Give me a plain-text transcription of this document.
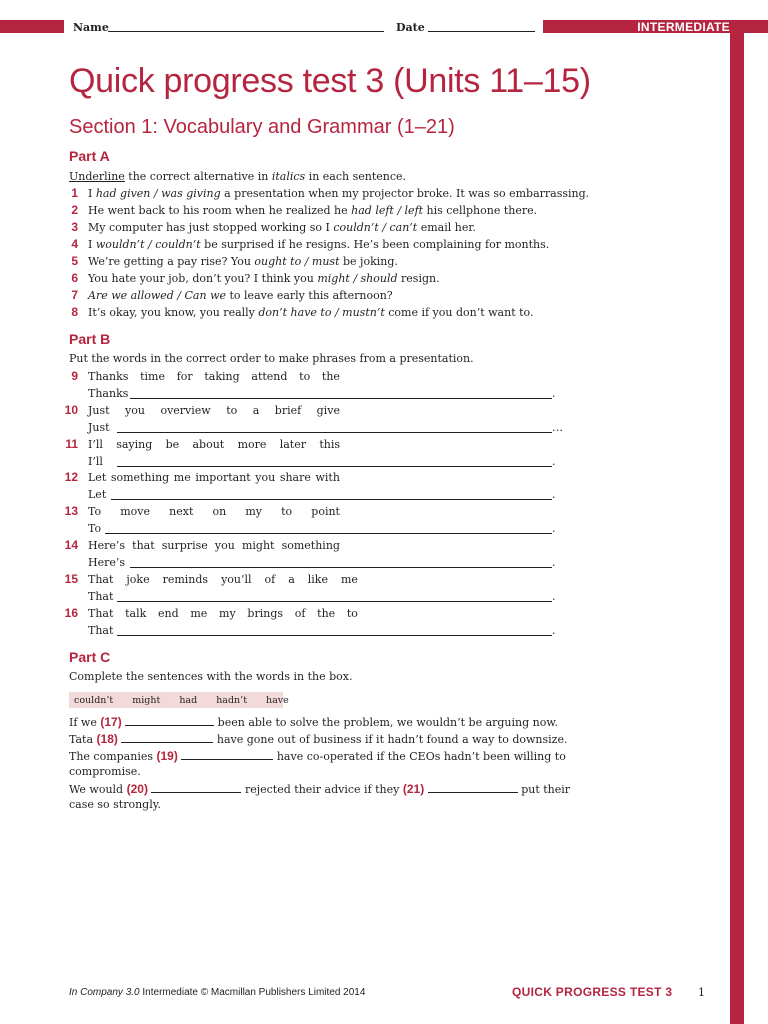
Name	Date	INTERMEDIATE
Quick progress test 3 (Units 11–15)
Section 1: Vocabulary and Grammar (1–21)
Part A
Underline the correct alternative in italics in each sentence.
1 I had given / was giving a presentation when my projector broke. It was so embarrassing.
2 He went back to his room when he realized he had left / left his cellphone there.
3 My computer has just stopped working so I couldn’t / can’t email her.
4 I wouldn’t / couldn’t be surprised if he resigns. He’s been complaining for months.
5 We’re getting a pay rise? You ought to / must be joking.
6 You hate your job, don’t you? I think you might / should resign.
7 Are we allowed / Can we to leave early this afternoon?
8 It’s okay, you know, you really don’t have to / mustn’t come if you don’t want to.
Part B
Put the words in the correct order to make phrases from a presentation.
9 Thanks time for taking attend to the
Thanks	.
10 Just you overview to a brief give
Just	…
11 I’ll saying be about more later this
I’ll	.
12 Let something me important you share with
Let	.
13 To move next on my to point
To	.
14 Here’s that surprise you might something
Here’s	.
15 That joke reminds you’ll of a like me
That	.
16 That talk end me my brings of the to
That	.
Part C
Complete the sentences with the words in the box.
couldn’t might had hadn’t have
If we (17)	been able to solve the problem, we wouldn’t be arguing now.
Tata (18)	have gone out of business if it hadn’t found a way to downsize.
The companies (19)	have co-operated if the CEOs hadn’t been willing to
compromise.
We would (20)	rejected their advice if they (21)	put their
case so strongly.
In Company 3.0 Intermediate © Macmillan Publishers Limited 2014	QUICK PROGRESS TEST 3 1
